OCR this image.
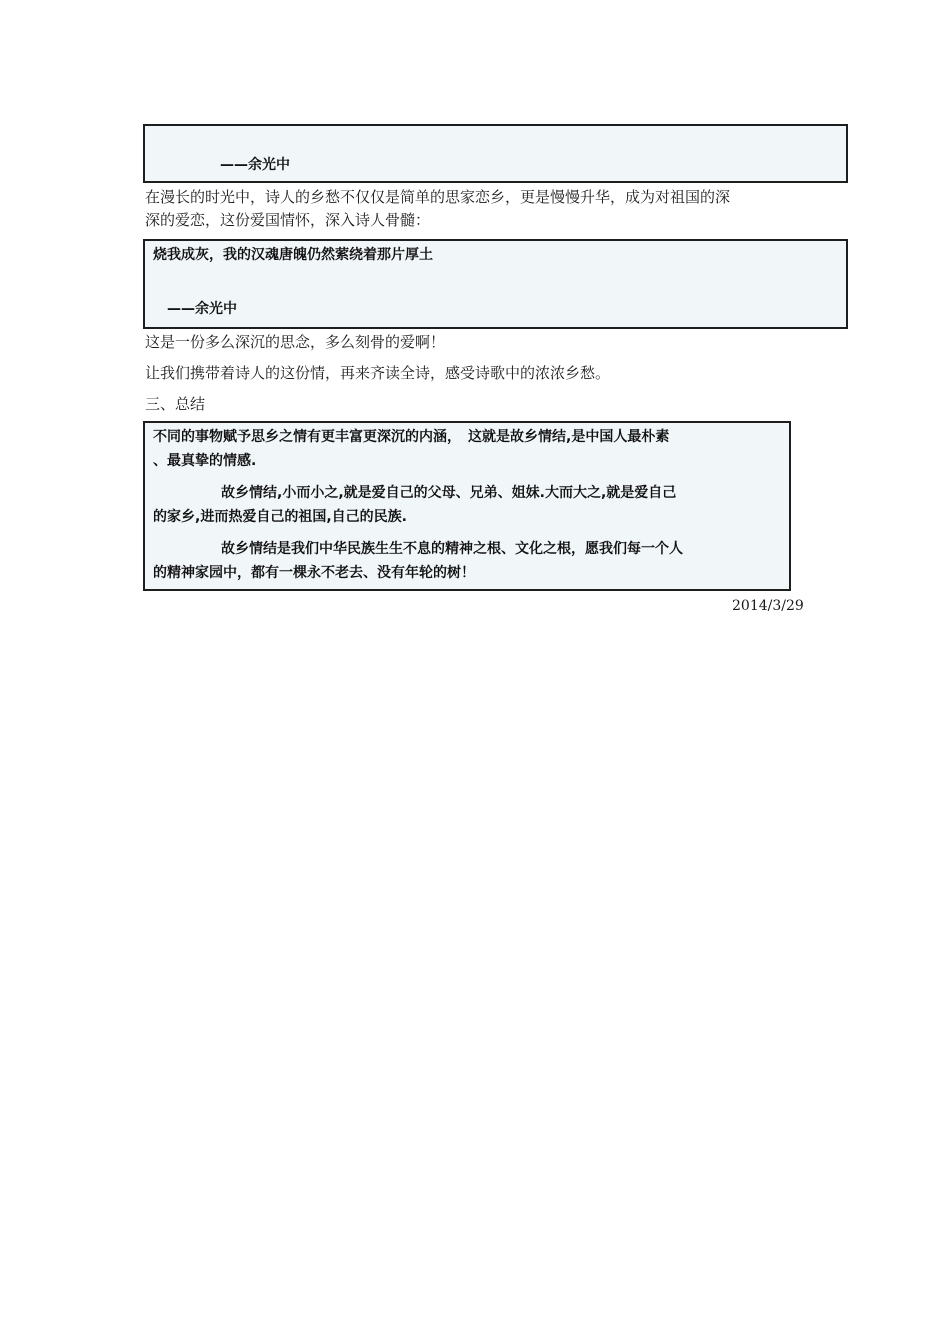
——余光中
在漫长的时光中，诗人的乡愁不仅仅是简单的思家恋乡，更是慢慢升华，成为对祖国的深
深的爱恋，这份爱国情怀，深入诗人骨髓：
烧我成灰，我的汉魂唐魄仍然萦绕着那片厚土
——余光中
这是一份多么深沉的思念，多么刻骨的爱啊！
让我们携带着诗人的这份情，再来齐读全诗，感受诗歌中的浓浓乡愁。
三、总结
不同的事物赋予思乡之情有更丰富更深沉的内涵，　这就是故乡情结,是中国人最朴素
、最真挚的情感.
故乡情结,小而小之,就是爱自己的父母、兄弟、姐妹.大而大之,就是爱自己
的家乡,进而热爱自己的祖国,自己的民族.
故乡情结是我们中华民族生生不息的精神之根、文化之根，愿我们每一个人
的精神家园中，都有一棵永不老去、没有年轮的树！
2014/3/29
